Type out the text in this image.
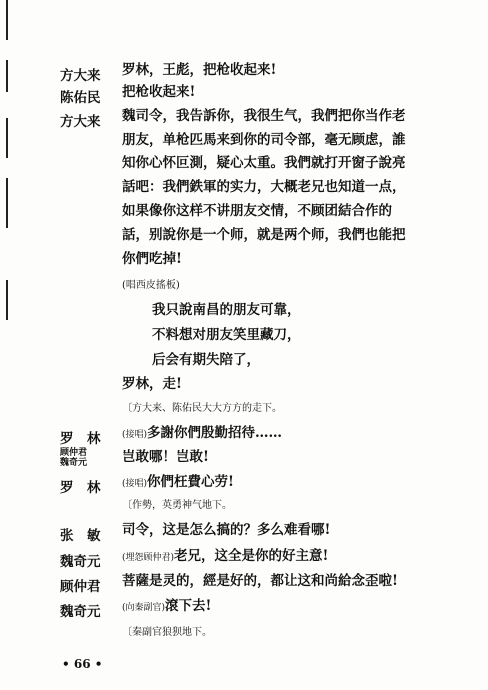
方大来 罗林，王彪，把枪收起来!
陈佑民 把枪收起来!
方大来 魏司令，我告訴你，我很生气，我們把你当作老
朋友，单枪匹馬来到你的司令部，毫无顾虑，誰
知你心怀叵測，疑心太重。我們就打开窗子說亮
話吧：我們鉄軍的实力，大概老兄也知道一点，
如果像你这样不讲朋友交情，不顾团結合作的
話，别說你是一个师，就是两个师，我們也能把
你們吃掉!
(唱西皮搖板)
我只說南昌的朋友可靠，
不料想对朋友笑里藏刀，
后会有期失陪了，
罗林，走!
〔方大来、陈佑民大大方方的走下。
罗　林 (接唱)多謝你們殷勤招待……
顾仲君
魏奇元	岂敢哪！岂敢!
罗　林 (接唱)你們枉費心劳!
〔作勢，英勇神气地下。
张　敏 司令，这是怎么搞的？多么难看哪!
魏奇元 (埋怨顾仲君)老兄，这全是你的好主意!
顾仲君 菩薩是灵的，經是好的，都让这和尚給念歪啦!
魏奇元 (向秦副官)滾下去!
〔秦副官狼狈地下。
• 66 •
